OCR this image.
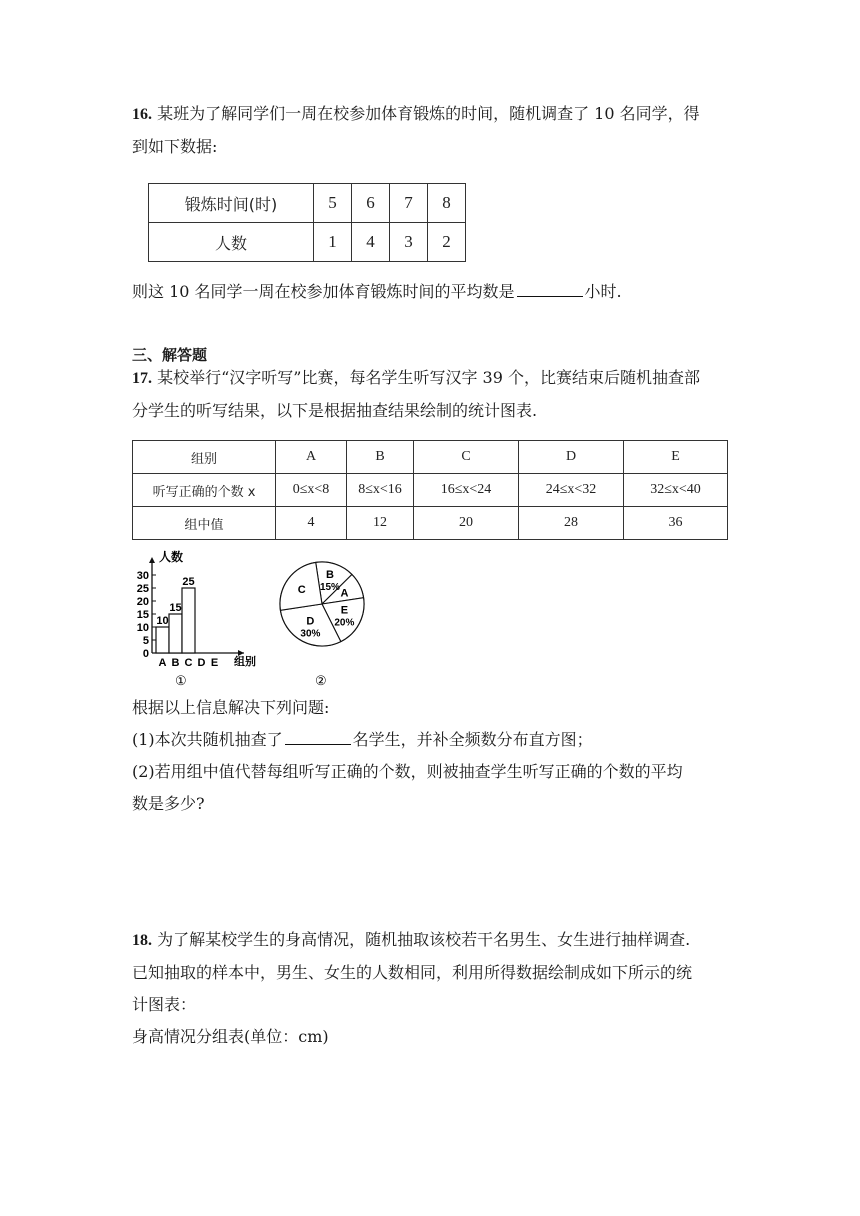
16. 某班为了解同学们一周在校参加体育锻炼的时间，随机调查了 10 名同学，得
到如下数据:
锻炼时间(时)	5	6	7	8
人数	1	4	3	2
则这 10 名同学一周在校参加体育锻炼时间的平均数是	小时.
三、解答题
17. 某校举行“汉字听写”比赛，每名学生听写汉字 39 个，比赛结束后随机抽查部
分学生的听写结果，以下是根据抽查结果绘制的统计图表.
组别	A	B	C	D	E
听写正确的个数 x	0≤x<8	8≤x<16	16≤x<24	24≤x<32	32≤x<40
组中值	4	12	20	28	36
0
5
10
15
20
25
30
10
A
15
B
25
C D E
人数
组别
①
B
15%
A
E
20%
D
30%
C
②
根据以上信息解决下列问题:
(1)本次共随机抽查了	名学生，并补全频数分布直方图；
(2)若用组中值代替每组听写正确的个数，则被抽查学生听写正确的个数的平均
数是多少?
18. 为了解某校学生的身高情况，随机抽取该校若干名男生、女生进行抽样调查.
已知抽取的样本中，男生、女生的人数相同，利用所得数据绘制成如下所示的统
计图表：
身高情况分组表(单位：cm)
